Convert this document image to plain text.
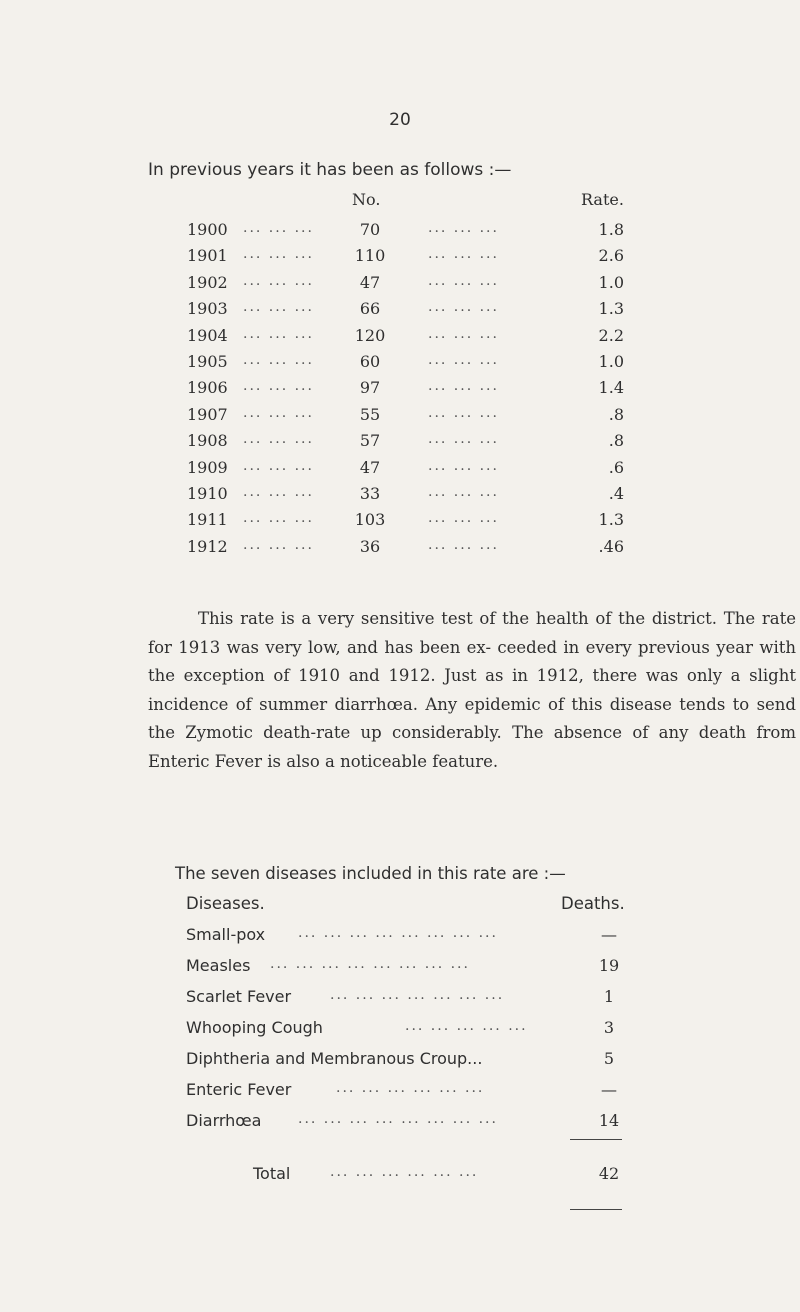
20
In previous years it has been as follows :—
No.	Rate.
1900 ... ... ...	70	... ... ...	1.8
1901 ... ... ...	110	... ... ...	2.6
1902 ... ... ...	47	... ... ...	1.0
1903 ... ... ...	66	... ... ...	1.3
1904 ... ... ...	120	... ... ...	2.2
1905 ... ... ...	60	... ... ...	1.0
1906 ... ... ...	97	... ... ...	1.4
1907 ... ... ...	55	... ... ...	.8
1908 ... ... ...	57	... ... ...	.8
1909 ... ... ...	47	... ... ...	.6
1910 ... ... ...	33	... ... ...	.4
1911 ... ... ...	103	... ... ...	1.3
1912 ... ... ...	36	... ... ...	.46
This rate is a very sensitive test of the health of the district. The rate for 1913 was very low, and has been ex- ceeded in every previous year with the exception of 1910 and 1912. Just as in 1912, there was only a slight incidence of summer diarrhœa. Any epidemic of this disease tends to send the Zymotic death-rate up considerably. The absence of any death from Enteric Fever is also a noticeable feature.
The seven diseases included in this rate are :—
Diseases.	Deaths.
Small-pox ... ... ... ... ... ... ... ...	—
Measles ... ... ... ... ... ... ... ...	19
Scarlet Fever	... ... ... ... ... ... ...	1
Whooping Cough	... ... ... ... ...	3
Diphtheria and Membranous Croup...	5
Enteric Fever	... ... ... ... ... ...	—
Diarrhœa	... ... ... ... ... ... ... ...	14
Total	... ... ... ... ... ...	42
